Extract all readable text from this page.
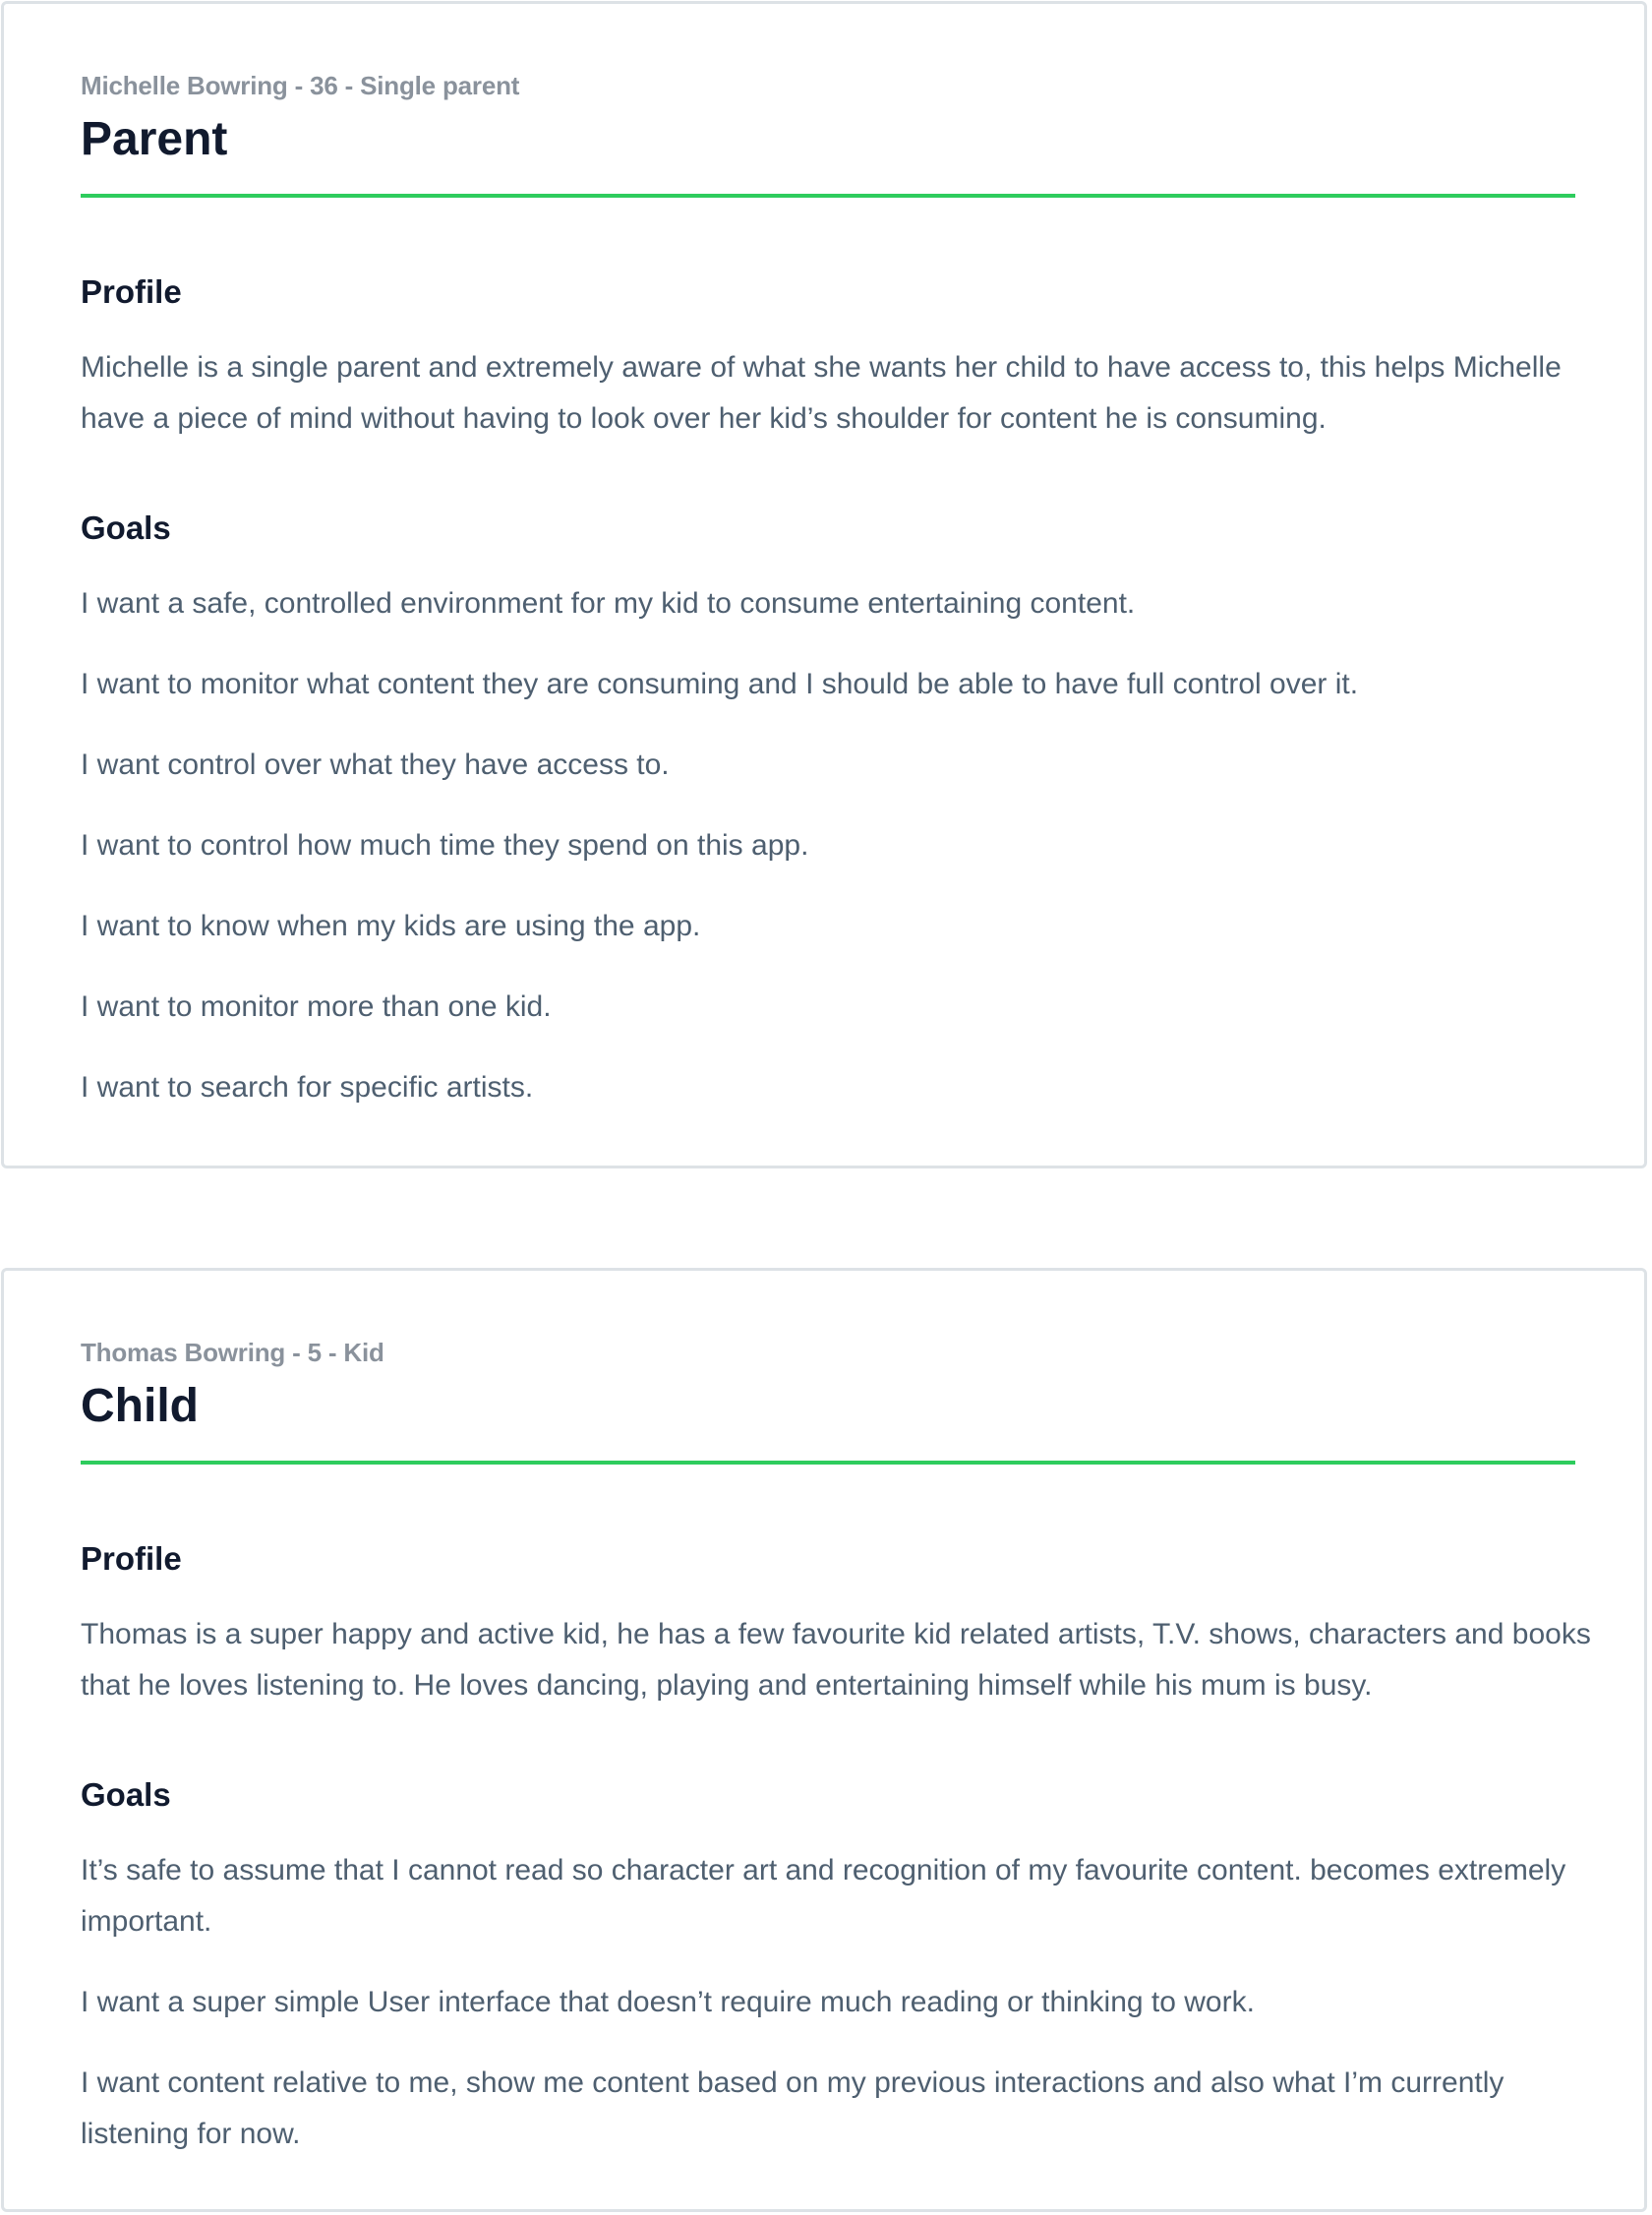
Michelle Bowring - 36 - Single parent
Parent
Profile

Michelle is a single parent and extremely aware of what she wants her child to have access to, this helps Michelle have a piece of mind without having to look over her kid’s shoulder for content he is consuming.

Goals

I want a safe, controlled environment for my kid to consume entertaining content.

I want to monitor what content they are consuming and I should be able to have full control over it.

I want control over what they have access to.

I want to control how much time they spend on this app.

I want to know when my kids are using the app.

I want to monitor more than one kid.

I want to search for specific artists.

Thomas Bowring - 5 - Kid
Child
Profile

Thomas is a super happy and active kid, he has a few favourite kid related artists, T.V. shows, characters and books that he loves listening to. He loves dancing, playing and entertaining himself while his mum is busy.

Goals

It’s safe to assume that I cannot read so character art and recognition of my favourite content. becomes extremely important.

I want a super simple User interface that doesn’t require much reading or thinking to work.

I want content relative to me, show me content based on my previous interactions and also what I’m currently listening for now.
